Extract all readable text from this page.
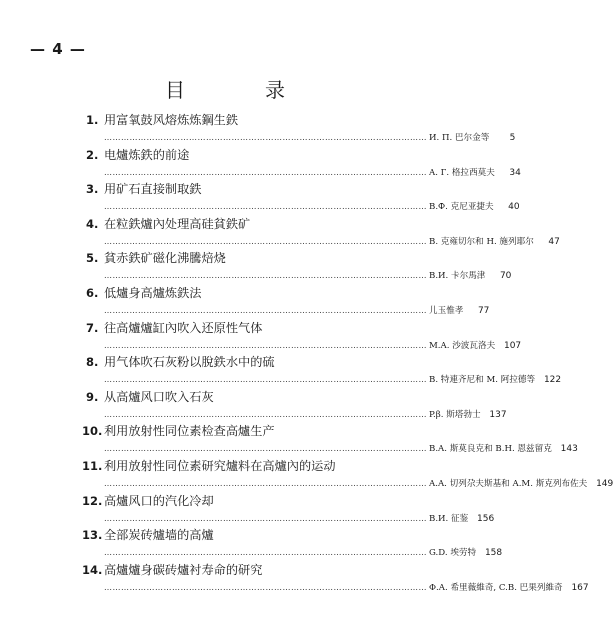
— 4 —
目　录
1. 用富氧鼓风熔炼炼鋼生鉄
…………………………………………………………………………………………………… И. П. 巴尔金等	5
2. 电爐炼鉄的前途
…………………………………………………………………………………………………… A. Г. 格拉西莫夫	34
3. 用矿石直接制取鉄
…………………………………………………………………………………………………… В.Ф. 克尼亚捷夫	40
4. 在粒鉄爐內处理高硅貧鉄矿
…………………………………………………………………………………………………… B. 克雍切尔和 H. 施列耶尔	47
5. 貧赤鉄矿磁化沸騰焙烧
…………………………………………………………………………………………………… B.И. 卡尔馬津	70
6. 低爐身高爐炼鉄法
…………………………………………………………………………………………………… 儿玉惟孝	77
7. 往高爐爐缸內吹入还原性气体
…………………………………………………………………………………………………… M.A. 沙波瓦洛夫 107
8. 用气体吹石灰粉以脫鉄水中的硫
…………………………………………………………………………………………………… B. 特連齐尼和 M. 阿拉德等 122
9. 从高爐风口吹入石灰
…………………………………………………………………………………………………… P.β. 斯塔勃士 137
10. 利用放射性同位素检查高爐生产
…………………………………………………………………………………………………… B.A. 斯莫良克和 B.H. 恩兹留克 143
11. 利用放射性同位素研究爐料在高爐內的运动
…………………………………………………………………………………………………… A.A. 切列尕夫斯基和 A.M. 斯克列布佐夫 149
12. 高爐风口的汽化冷却
…………………………………………………………………………………………………… B.И. 征鉴 156
13. 全部炭砖爐墙的高爐
…………………………………………………………………………………………………… G.D. 埃劳特 158
14. 高爐爐身碳砖爐衬寿命的研究
…………………………………………………………………………………………………… Φ.A. 希里薇維奇, C.B. 巴果列維奇 167
